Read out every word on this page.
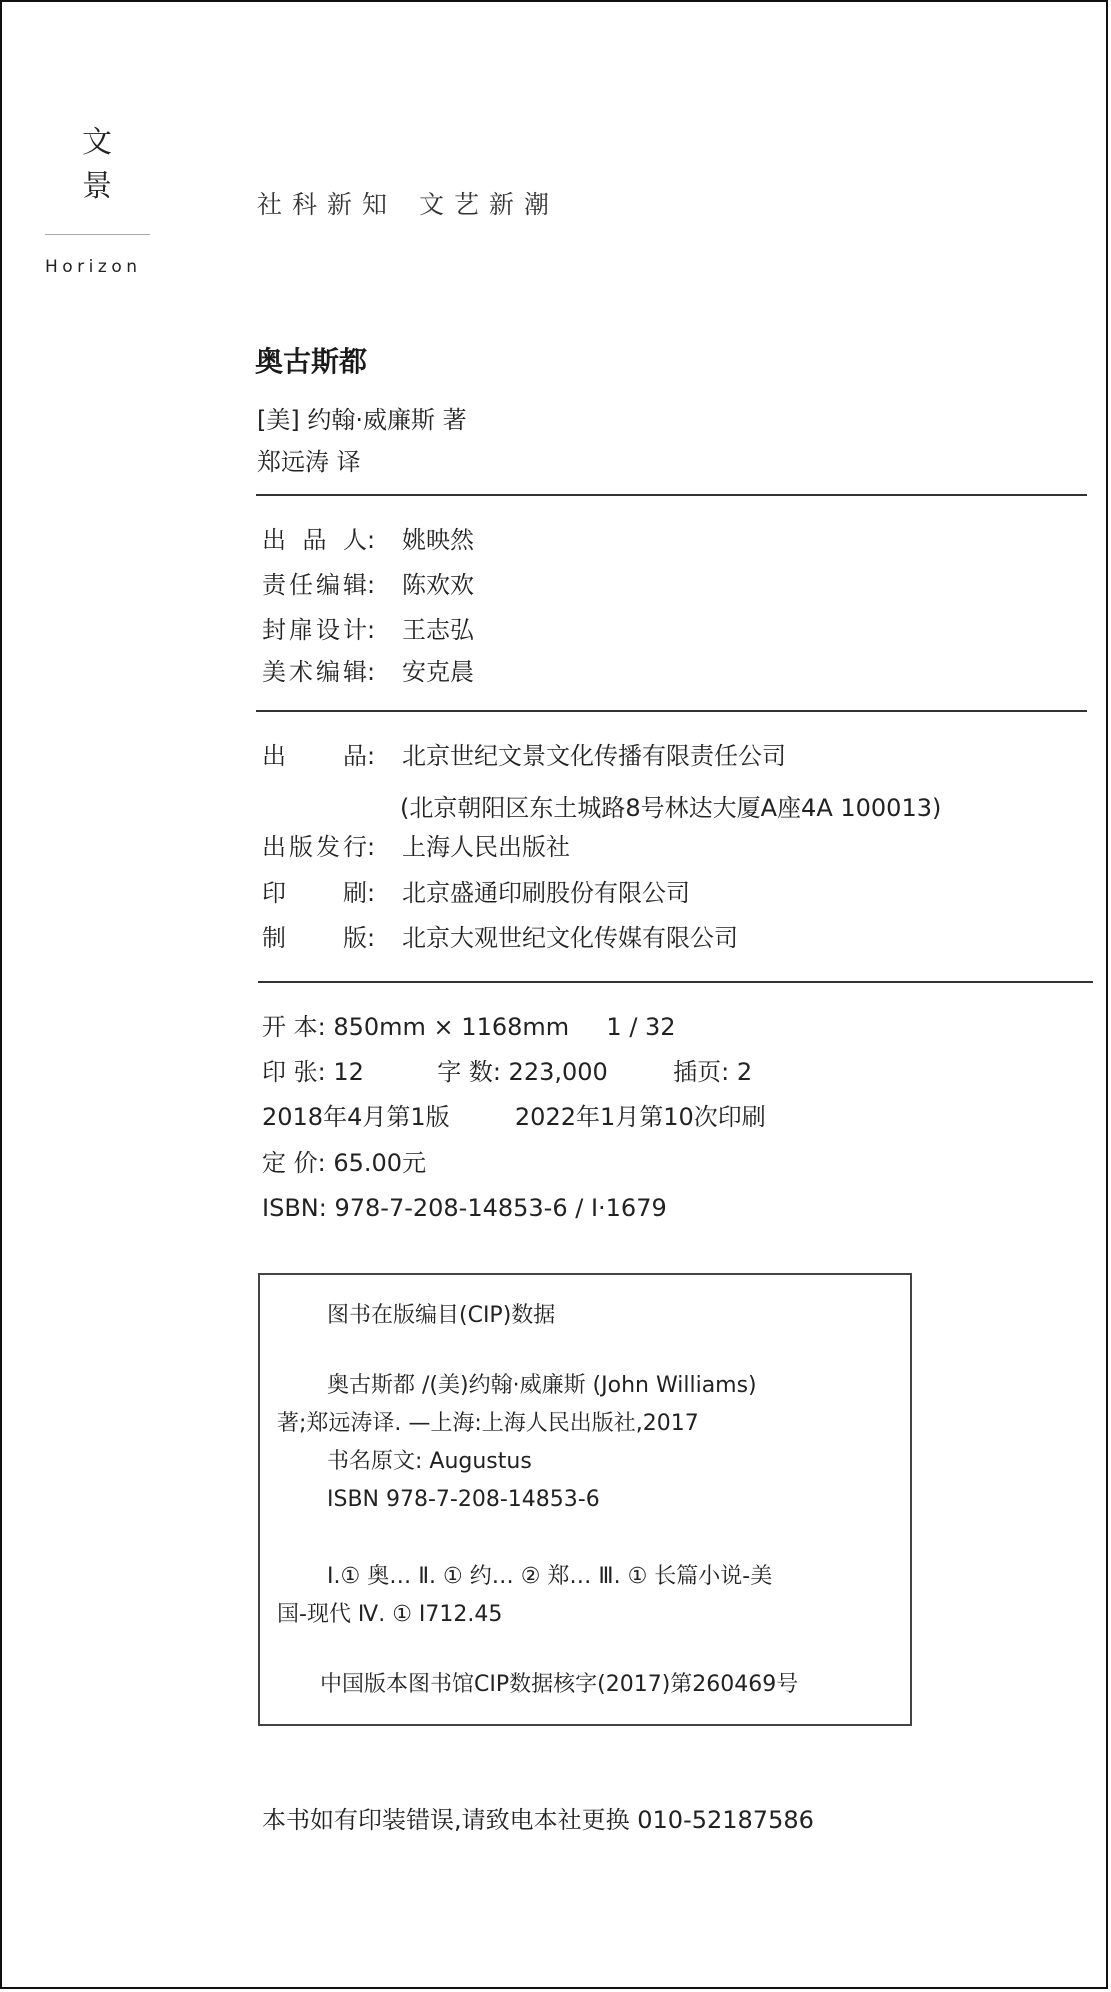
文
景
Horizon
社科新知 文艺新潮
奥古斯都
[美] 约翰·威廉斯 著
郑远涛 译
出 品 人 :	姚映然
责 任 编 辑 :	陈欢欢
封 扉 设 计 :	王志弘
美 术 编 辑 :	安克晨
出 品 :	北京世纪文景文化传播有限责任公司
(北京朝阳区东土城路8号林达大厦A座4A 100013)
出 版 发 行 :	上海人民出版社
印 刷 :	北京盛通印刷股份有限公司
制 版 :	北京大观世纪文化传媒有限公司
开 本: 850mm × 1168mm 1 / 32
印 张: 12	字 数: 223,000	插页: 2
2018年4月第1版	2022年1月第10次印刷
定 价: 65.00元
ISBN: 978-7-208-14853-6 / I·1679
图书在版编目(CIP)数据
奥古斯都 /(美)约翰·威廉斯 (John Williams)
著;郑远涛译. —上海:上海人民出版社,2017
书名原文: Augustus
ISBN 978-7-208-14853-6
Ⅰ.① 奥… Ⅱ. ① 约… ② 郑… Ⅲ. ① 长篇小说-美
国-现代 Ⅳ. ① I712.45
中国版本图书馆CIP数据核字(2017)第260469号
本书如有印装错误,请致电本社更换 010-52187586
